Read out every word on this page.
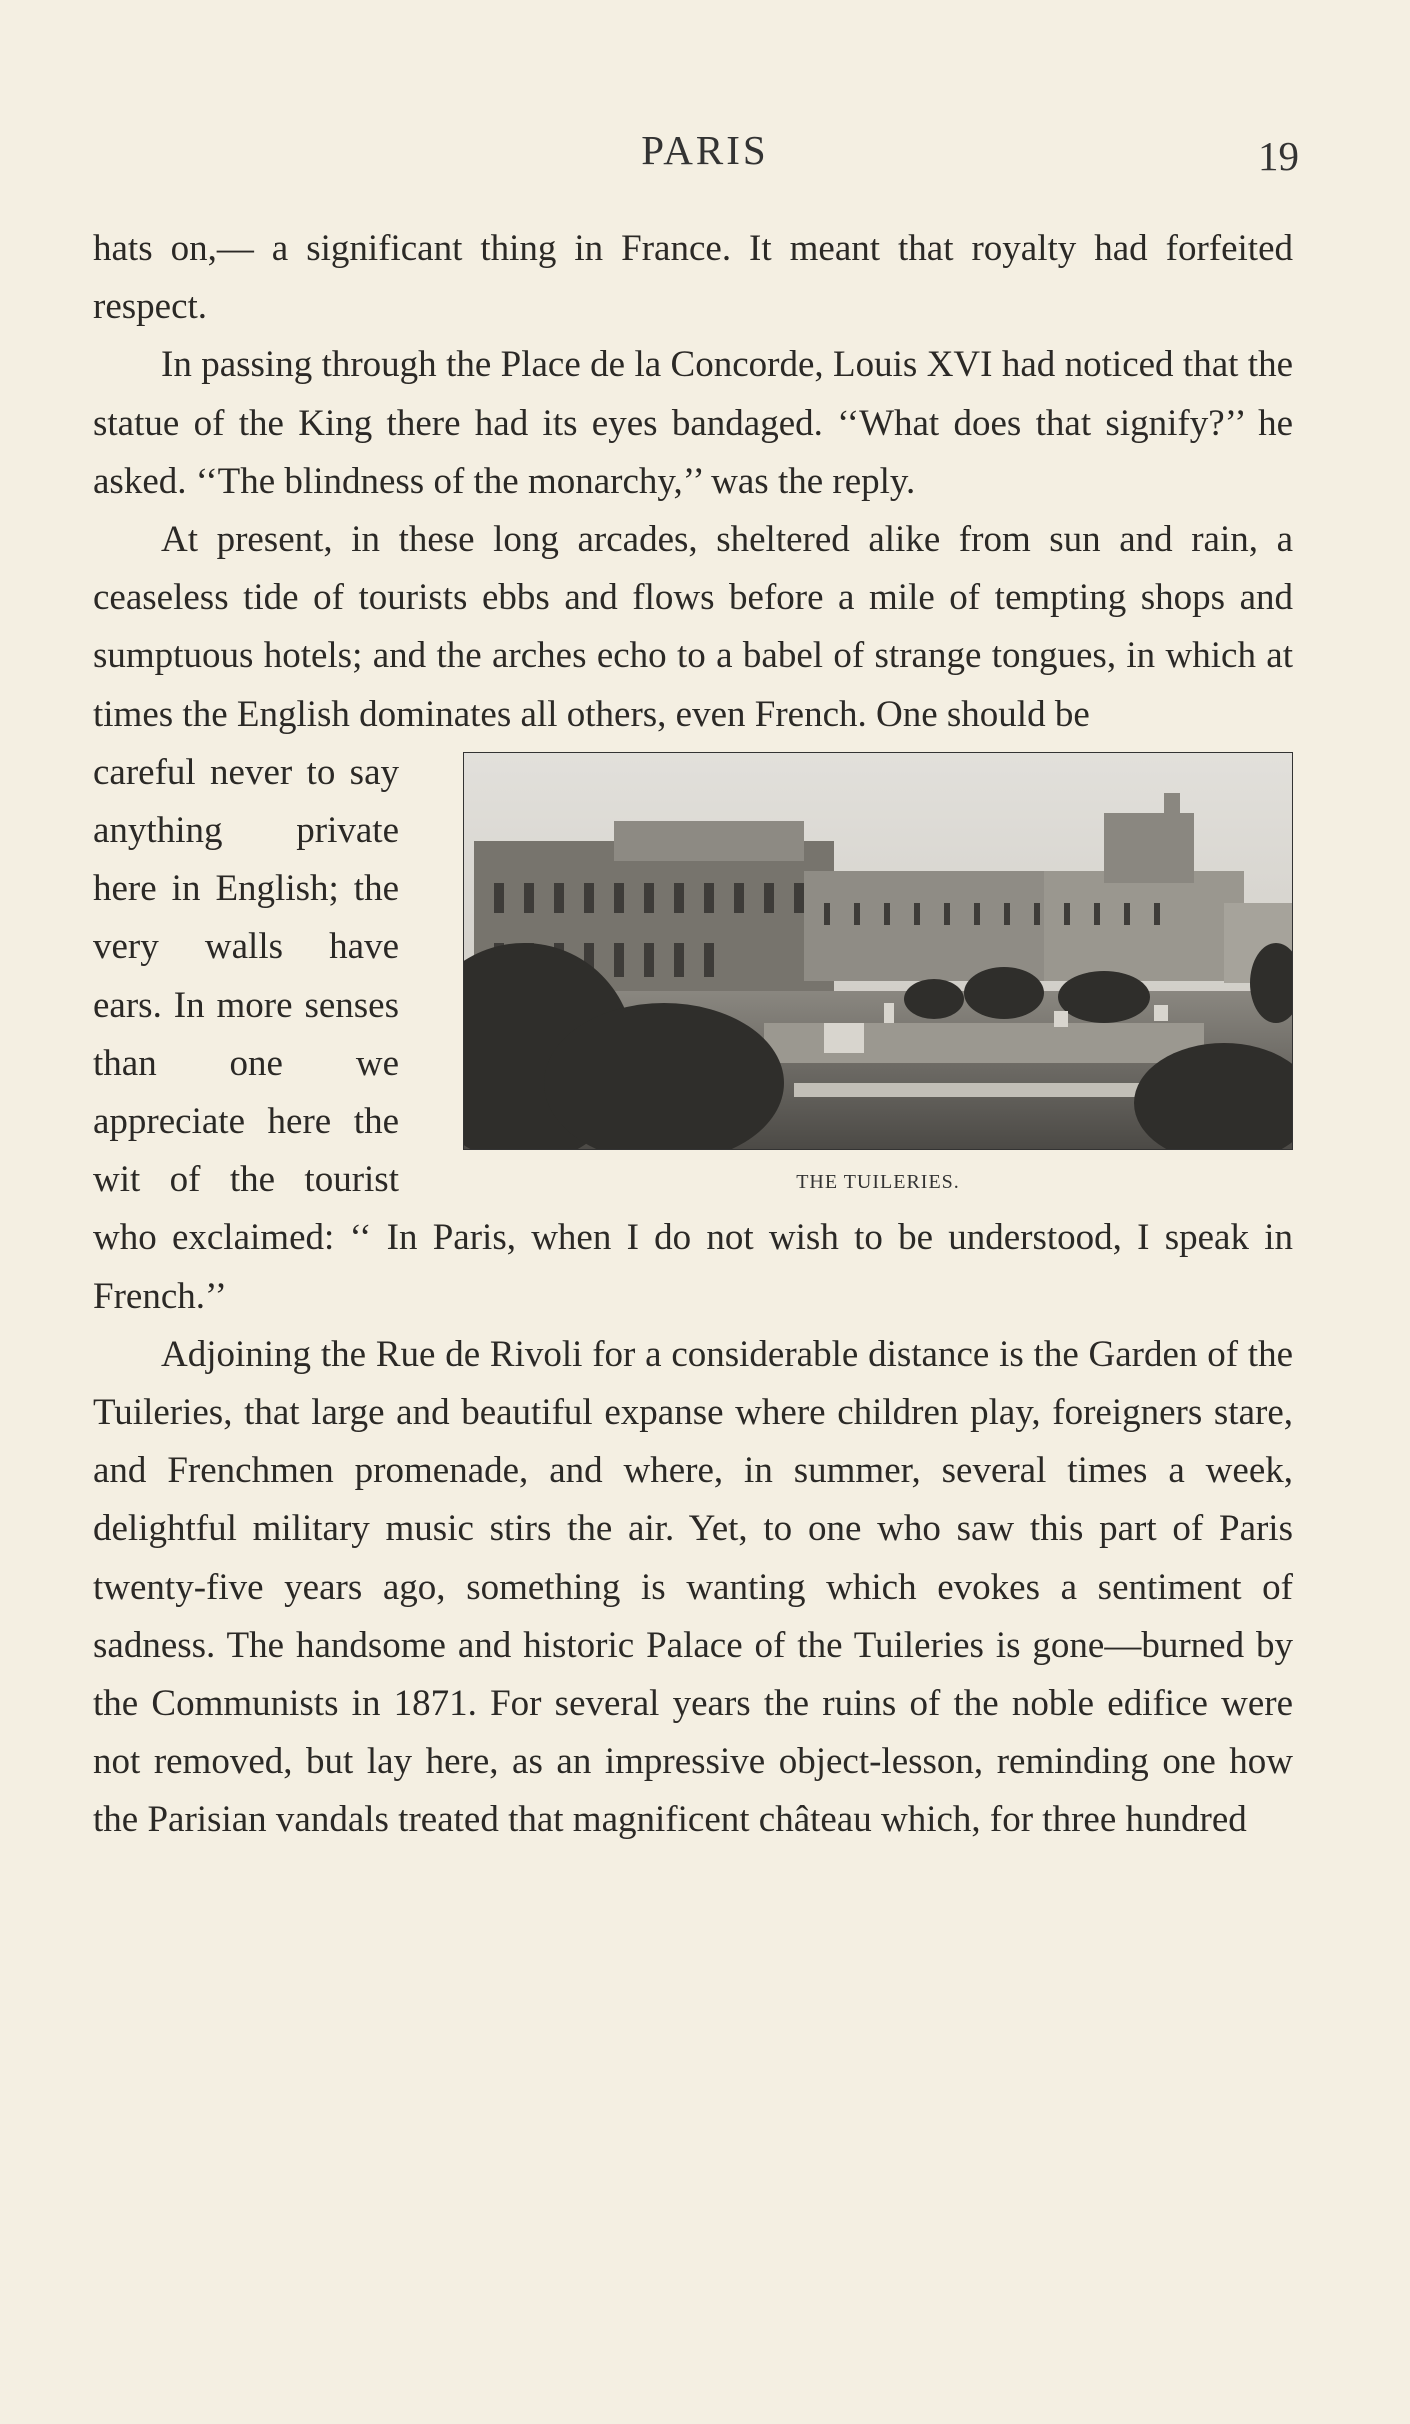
PARIS	19

hats on,— a significant thing in France. It meant that royalty had forfeited respect.

In passing through the Place de la Concorde, Louis XVI had noticed that the statue of the King there had its eyes bandaged. ‘‘What does that signify?’’ he asked. ‘‘The blindness of the monarchy,’’ was the reply.

At present, in these long arcades, sheltered alike from sun and rain, a ceaseless tide of tourists ebbs and flows before a mile of tempting shops and sumptuous hotels; and the arches echo to a babel of strange tongues, in which at times the English dominates all others, even French. One should be

THE TUILERIES.

careful never to say anything private here in English; the very walls have ears. In more senses than one we appreciate here the wit of the tourist who exclaimed: ‘‘ In Paris, when I do not wish to be understood, I speak in French.’’

Adjoining the Rue de Rivoli for a considerable distance is the Garden of the Tuileries, that large and beautiful expanse where children play, foreigners stare, and Frenchmen promenade, and where, in summer, several times a week, delightful military music stirs the air. Yet, to one who saw this part of Paris twenty-five years ago, something is wanting which evokes a sentiment of sadness. The handsome and historic Palace of the Tuileries is gone—burned by the Communists in 1871. For several years the ruins of the noble edifice were not removed, but lay here, as an impressive object-lesson, reminding one how the Parisian vandals treated that magnificent château which, for three hundred
